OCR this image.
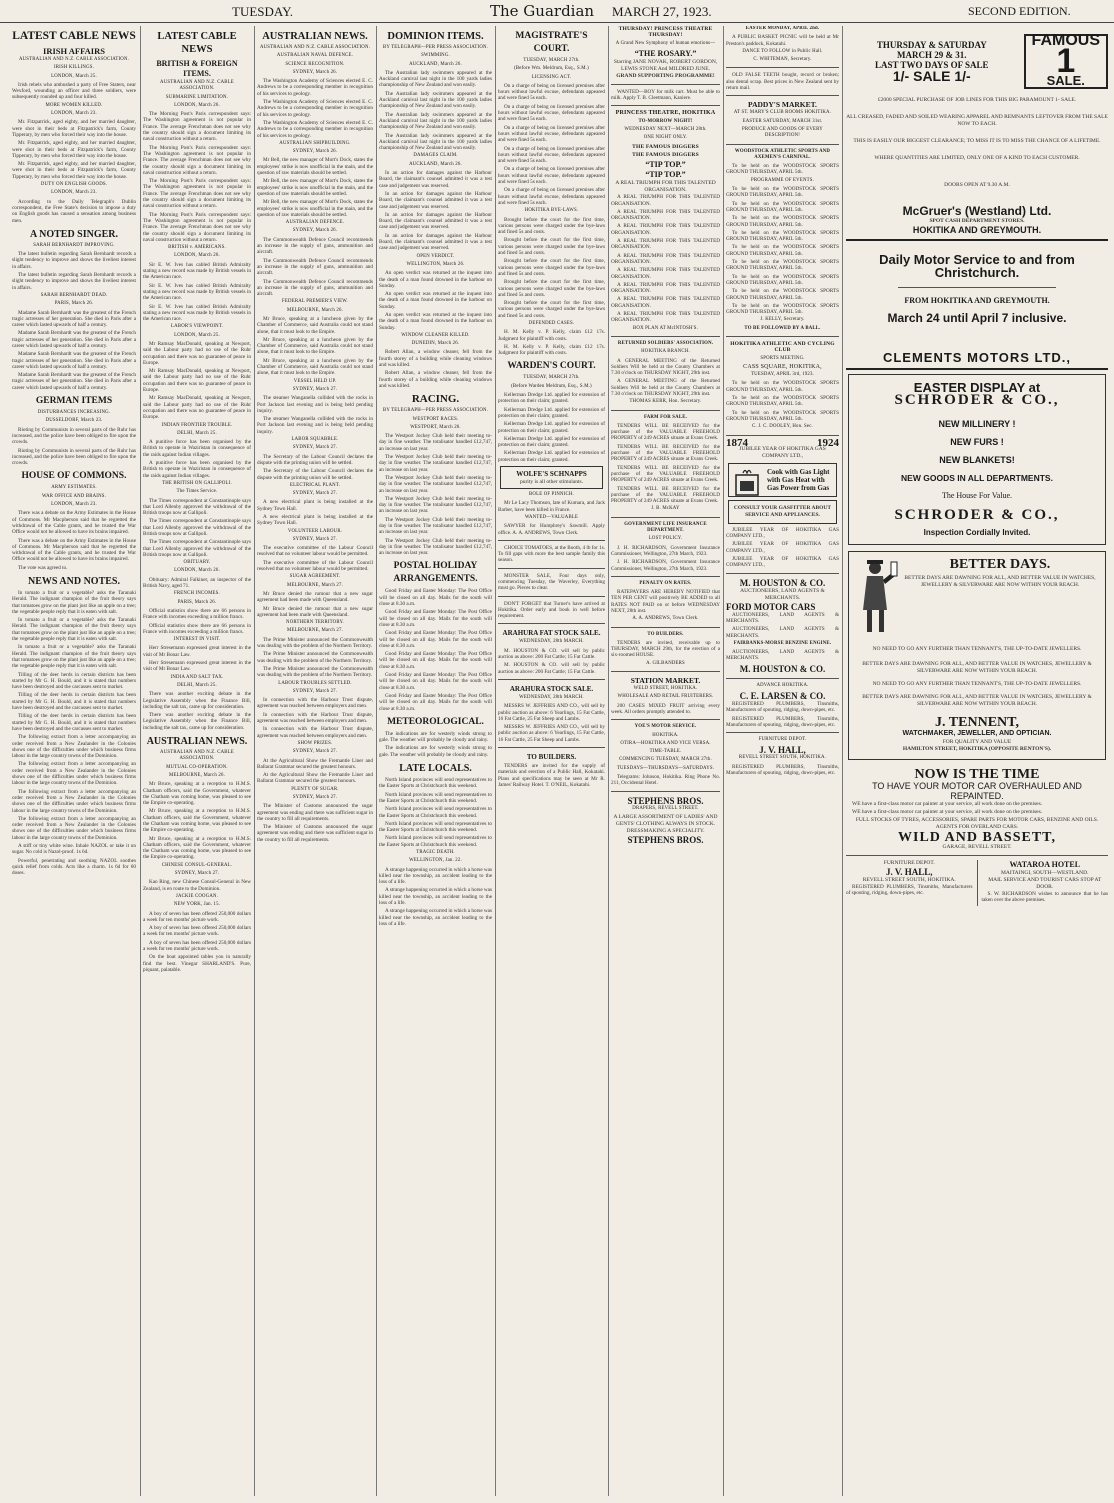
TUESDAY.	The Guardian MARCH 27, 1923.	SECOND EDITION.
LATEST CABLE NEWS
IRISH AFFAIRS
AUSTRALIAN AND N.Z. CABLE ASSOCIATION.
IRISH KILLINGS.
LONDON, March 25.

Irish rebels who ambushed a party of Free Staters, near Wexford, wounding an officer and three soldiers, were subsequently rounded up and four killed.

MORE WOMEN KILLED.
LONDON, March 23.

Mr. Fitzpatrick, aged eighty, and her married daughter, were shot in their beds at Fitzpatrick's farm, County Tipperary, by men who forced their way into the house.

Mr. Fitzpatrick, aged eighty, and her married daughter, were shot in their beds at Fitzpatrick's farm, County Tipperary, by men who forced their way into the house.

Mr. Fitzpatrick, aged eighty, and her married daughter, were shot in their beds at Fitzpatrick's farm, County Tipperary, by men who forced their way into the house.

DUTY ON ENGLISH GOODS.
LONDON, March 23.

According to the Daily Telegraph's Dublin correspondent, the Free State's decision to impose a duty on English goods has caused a sensation among business men.

A NOTED SINGER.
SARAH BERNHARDT IMPROVING.

The latest bulletin regarding Sarah Bernhardt records a slight tendency to improve and shows the liveliest interest in affairs.

The latest bulletin regarding Sarah Bernhardt records a slight tendency to improve and shows the liveliest interest in affairs.

SARAH BERNHARDT DEAD.
PARIS, March 26.

Madame Sarah Bernhardt was the greatest of the French tragic actresses of her generation. She died in Paris after a career which lasted upwards of half a century.

Madame Sarah Bernhardt was the greatest of the French tragic actresses of her generation. She died in Paris after a career which lasted upwards of half a century.

Madame Sarah Bernhardt was the greatest of the French tragic actresses of her generation. She died in Paris after a career which lasted upwards of half a century.

Madame Sarah Bernhardt was the greatest of the French tragic actresses of her generation. She died in Paris after a career which lasted upwards of half a century.

GERMAN ITEMS
DISTURBANCES INCREASING.
DUSSELDORF, March 23.

Rioting by Communists in several parts of the Ruhr has increased, and the police have been obliged to fire upon the crowds.

Rioting by Communists in several parts of the Ruhr has increased, and the police have been obliged to fire upon the crowds.

HOUSE OF COMMONS.
ARMY ESTIMATES.
WAR OFFICE AND BRAINS.
LONDON, March 23.

There was a debate on the Army Estimates in the House of Commons. Mr Macpherson said that he regretted the withdrawal of the Cable grants, and he trusted the War Office would not be allowed to have its brains impaired.

There was a debate on the Army Estimates in the House of Commons. Mr Macpherson said that he regretted the withdrawal of the Cable grants, and he trusted the War Office would not be allowed to have its brains impaired.

The vote was agreed to.

NEWS AND NOTES.

In tomato a fruit or a vegetable? asks the Taranaki Herald. The indignant champion of the fruit theory says that tomatoes grow on the plant just like an apple on a tree; the vegetable people reply that it is eaten with salt.

In tomato a fruit or a vegetable? asks the Taranaki Herald. The indignant champion of the fruit theory says that tomatoes grow on the plant just like an apple on a tree; the vegetable people reply that it is eaten with salt.

In tomato a fruit or a vegetable? asks the Taranaki Herald. The indignant champion of the fruit theory says that tomatoes grow on the plant just like an apple on a tree; the vegetable people reply that it is eaten with salt.

Tilling of the deer herds in certain districts has been started by Mr G. H. Bould, and it is stated that numbers have been destroyed and the carcasses sent to market.

Tilling of the deer herds in certain districts has been started by Mr G. H. Bould, and it is stated that numbers have been destroyed and the carcasses sent to market.

Tilling of the deer herds in certain districts has been started by Mr G. H. Bould, and it is stated that numbers have been destroyed and the carcasses sent to market.

The following extract from a letter accompanying an order received from a New Zealander in the Colonies shows one of the difficulties under which business firms labour in the large country towns of the Dominion.

The following extract from a letter accompanying an order received from a New Zealander in the Colonies shows one of the difficulties under which business firms labour in the large country towns of the Dominion.

The following extract from a letter accompanying an order received from a New Zealander in the Colonies shows one of the difficulties under which business firms labour in the large country towns of the Dominion.

The following extract from a letter accompanying an order received from a New Zealander in the Colonies shows one of the difficulties under which business firms labour in the large country towns of the Dominion.

A stiff or tiny white wine. Inhale NAZOL or take it on sugar. No cold is Nazol-proof. 1s 6d.

Powerful, penetrating and soothing NAZOL soothes quick relief from colds. Acts like a charm. 1s 6d for 60 doses.

LATEST CABLE NEWS
BRITISH & FOREIGN ITEMS.
AUSTRALIAN AND N.Z. CABLE ASSOCIATION.
SUBMARINE LIMITATION.
LONDON, March 26.

The Morning Post's Paris correspondent says: The Washington agreement is not popular in France. The average Frenchman does not see why the country should sign a document limiting its naval construction without a return.

The Morning Post's Paris correspondent says: The Washington agreement is not popular in France. The average Frenchman does not see why the country should sign a document limiting its naval construction without a return.

The Morning Post's Paris correspondent says: The Washington agreement is not popular in France. The average Frenchman does not see why the country should sign a document limiting its naval construction without a return.

The Morning Post's Paris correspondent says: The Washington agreement is not popular in France. The average Frenchman does not see why the country should sign a document limiting its naval construction without a return.

BRITISH v. AMERICANS.
LONDON, March 26.

Sir E. W. Ives has cabled British Admiralty stating a new record was made by British vessels in the American race.

Sir E. W. Ives has cabled British Admiralty stating a new record was made by British vessels in the American race.

Sir E. W. Ives has cabled British Admiralty stating a new record was made by British vessels in the American race.

LABOR'S VIEWPOINT.
LONDON, March 25.

Mr Ramsay MacDonald, speaking at Newport, said the Labour party had no use of the Ruhr occupation and there was no guarantee of peace in Europe.

Mr Ramsay MacDonald, speaking at Newport, said the Labour party had no use of the Ruhr occupation and there was no guarantee of peace in Europe.

Mr Ramsay MacDonald, speaking at Newport, said the Labour party had no use of the Ruhr occupation and there was no guarantee of peace in Europe.

INDIAN FRONTIER TROUBLE.
DELHI, March 25.

A punitive force has been organised by the British to operate in Waziristan in consequence of the raids against Indian villages.

A punitive force has been organised by the British to operate in Waziristan in consequence of the raids against Indian villages.

THE BRITISH ON GALLIPOLI.
The Times Service.

The Times correspondent at Constantinople says that Lord Allenby approved the withdrawal of the British troops now at Gallipoli.

The Times correspondent at Constantinople says that Lord Allenby approved the withdrawal of the British troops now at Gallipoli.

The Times correspondent at Constantinople says that Lord Allenby approved the withdrawal of the British troops now at Gallipoli.

OBITUARY.
LONDON, March 26.

Obituary: Admiral Falkiner, an inspector of the British Navy, aged 71.

FRENCH INCOMES.
PARIS, March 26.

Official statistics show there are 66 persons in France with incomes exceeding a million francs.

Official statistics show there are 66 persons in France with incomes exceeding a million francs.

INTEREST IN VISIT.

Herr Stresemann expressed great interest in the visit of Mr Bonar Law.

Herr Stresemann expressed great interest in the visit of Mr Bonar Law.

INDIA AND SALT TAX.
DELHI, March 25.

There was another exciting debate in the Legislative Assembly when the Finance Bill, including the salt tax, came up for consideration.

There was another exciting debate in the Legislative Assembly when the Finance Bill, including the salt tax, came up for consideration.

AUSTRALIAN NEWS.
AUSTRALIAN AND N.Z. CABLE ASSOCIATION.
MUTUAL CO-OPERATION.
MELBOURNE, March 26.

Mr Bruce, speaking at a reception to H.M.S. Chatham officers, said the Government, whatever the Chatham was coming home, was pleased to see the Empire co-operating.

Mr Bruce, speaking at a reception to H.M.S. Chatham officers, said the Government, whatever the Chatham was coming home, was pleased to see the Empire co-operating.

Mr Bruce, speaking at a reception to H.M.S. Chatham officers, said the Government, whatever the Chatham was coming home, was pleased to see the Empire co-operating.

CHINESE CONSUL-GENERAL.
SYDNEY, March 27.

Kao Ring, new Chinese Consul-General in New Zealand, is en route to the Dominion.

JACKIE COOGAN.
NEW YORK, Jan. 15.

A boy of seven has been offered 250,000 dollars a week for ten months' picture work.

A boy of seven has been offered 250,000 dollars a week for ten months' picture work.

A boy of seven has been offered 250,000 dollars a week for ten months' picture work.

On the boat appointed tables you in naturally find the best. Vinegar SHARLAND'S. Pure, piquant, palatable.

AUSTRALIAN NEWS.
AUSTRALIAN AND N.Z. CABLE ASSOCIATION.
AUSTRALIAN NAVAL DEFENCE.
SCIENCE RECOGNITION.
SYDNEY, March 26.

The Washington Academy of Sciences elected E. C. Andrews to be a corresponding member in recognition of his services to geology.

The Washington Academy of Sciences elected E. C. Andrews to be a corresponding member in recognition of his services to geology.

The Washington Academy of Sciences elected E. C. Andrews to be a corresponding member in recognition of his services to geology.

AUSTRALIAN SHIPBUILDING.
SYDNEY, March 26.

Mr Bell, the new manager of Mort's Dock, states the employees' strike is now unofficial in the main, and the question of raw materials should be settled.

Mr Bell, the new manager of Mort's Dock, states the employees' strike is now unofficial in the main, and the question of raw materials should be settled.

Mr Bell, the new manager of Mort's Dock, states the employees' strike is now unofficial in the main, and the question of raw materials should be settled.

AUSTRALIAN DEFENCE.
SYDNEY, March 26.

The Commonwealth Defence Council recommends an increase in the supply of guns, ammunition and aircraft.

The Commonwealth Defence Council recommends an increase in the supply of guns, ammunition and aircraft.

The Commonwealth Defence Council recommends an increase in the supply of guns, ammunition and aircraft.

FEDERAL PREMIER'S VIEW.
MELBOURNE, March 26.

Mr Bruce, speaking at a luncheon given by the Chamber of Commerce, said Australia could not stand alone, that it must look to the Empire.

Mr Bruce, speaking at a luncheon given by the Chamber of Commerce, said Australia could not stand alone, that it must look to the Empire.

Mr Bruce, speaking at a luncheon given by the Chamber of Commerce, said Australia could not stand alone, that it must look to the Empire.

VESSEL HELD UP.
SYDNEY, March 27.

The steamer Wanganella collided with the rocks in Port Jackson last evening and is being held pending inquiry.

The steamer Wanganella collided with the rocks in Port Jackson last evening and is being held pending inquiry.

LABOR SQUABBLE.
SYDNEY, March 27.

The Secretary of the Labour Council declares the dispute with the printing union will be settled.

The Secretary of the Labour Council declares the dispute with the printing union will be settled.

ELECTRICAL PLANT.
SYDNEY, March 27.

A new electrical plant is being installed at the Sydney Town Hall.

A new electrical plant is being installed at the Sydney Town Hall.

VOLUNTEER LABOUR.
SYDNEY, March 27.

The executive committee of the Labour Council resolved that no volunteer labour would be permitted.

The executive committee of the Labour Council resolved that no volunteer labour would be permitted.

SUGAR AGREEMENT.
MELBOURNE, March 27.

Mr Bruce denied the rumour that a new sugar agreement had been made with Queensland.

Mr Bruce denied the rumour that a new sugar agreement had been made with Queensland.

NORTHERN TERRITORY.
MELBOURNE, March 27.

The Prime Minister announced the Commonwealth was dealing with the problem of the Northern Territory.

The Prime Minister announced the Commonwealth was dealing with the problem of the Northern Territory.

The Prime Minister announced the Commonwealth was dealing with the problem of the Northern Territory.

LABOUR TROUBLES SETTLED.
SYDNEY, March 27.

In connection with the Harbour Trust dispute, agreement was reached between employers and men.

In connection with the Harbour Trust dispute, agreement was reached between employers and men.

In connection with the Harbour Trust dispute, agreement was reached between employers and men.

SHOW PRIZES.
SYDNEY, March 27.

At the Agricultural Show the Fremantle Liner and Ballarat Grammar secured the greatest honours.

At the Agricultural Show the Fremantle Liner and Ballarat Grammar secured the greatest honours.

PLENTY OF SUGAR.
SYDNEY, March 27.

The Minister of Customs announced the sugar agreement was ending and there was sufficient sugar in the country to fill all requirements.

The Minister of Customs announced the sugar agreement was ending and there was sufficient sugar in the country to fill all requirements.

DOMINION ITEMS.
BY TELEGRAPH—PER PRESS ASSOCIATION.
SWIMMING.
AUCKLAND, March 26.

The Australian lady swimmers appeared at the Auckland carnival last night in the 100 yards ladies championship of New Zealand and won easily.

The Australian lady swimmers appeared at the Auckland carnival last night in the 100 yards ladies championship of New Zealand and won easily.

The Australian lady swimmers appeared at the Auckland carnival last night in the 100 yards ladies championship of New Zealand and won easily.

The Australian lady swimmers appeared at the Auckland carnival last night in the 100 yards ladies championship of New Zealand and won easily.

DAMAGES CLAIM.
AUCKLAND, March 26.

In an action for damages against the Harbour Board, the claimant's counsel admitted it was a test case and judgement was reserved.

In an action for damages against the Harbour Board, the claimant's counsel admitted it was a test case and judgement was reserved.

In an action for damages against the Harbour Board, the claimant's counsel admitted it was a test case and judgement was reserved.

In an action for damages against the Harbour Board, the claimant's counsel admitted it was a test case and judgement was reserved.

OPEN VERDICT.
WELLINGTON, March 26.

An open verdict was returned at the inquest into the death of a man found drowned in the harbour on Sunday.

An open verdict was returned at the inquest into the death of a man found drowned in the harbour on Sunday.

An open verdict was returned at the inquest into the death of a man found drowned in the harbour on Sunday.

WINDOW CLEANER KILLED.
DUNEDIN, March 26.

Robert Allan, a window cleaner, fell from the fourth storey of a building while cleaning windows and was killed.

Robert Allan, a window cleaner, fell from the fourth storey of a building while cleaning windows and was killed.

RACING.
BY TELEGRAPH—PER PRESS ASSOCIATION.
WESTPORT RACES.
WESTPORT, March 26.

The Westport Jockey Club held their meeting to-day in fine weather. The totalisator handled £12,747, an increase on last year.

The Westport Jockey Club held their meeting to-day in fine weather. The totalisator handled £12,747, an increase on last year.

The Westport Jockey Club held their meeting to-day in fine weather. The totalisator handled £12,747, an increase on last year.

The Westport Jockey Club held their meeting to-day in fine weather. The totalisator handled £12,747, an increase on last year.

The Westport Jockey Club held their meeting to-day in fine weather. The totalisator handled £12,747, an increase on last year.

The Westport Jockey Club held their meeting to-day in fine weather. The totalisator handled £12,747, an increase on last year.

POSTAL HOLIDAY ARRANGEMENTS.

Good Friday and Easter Monday: The Post Office will be closed on all day. Mails for the south will close at 8.30 a.m.

Good Friday and Easter Monday: The Post Office will be closed on all day. Mails for the south will close at 8.30 a.m.

Good Friday and Easter Monday: The Post Office will be closed on all day. Mails for the south will close at 8.30 a.m.

Good Friday and Easter Monday: The Post Office will be closed on all day. Mails for the south will close at 8.30 a.m.

Good Friday and Easter Monday: The Post Office will be closed on all day. Mails for the south will close at 8.30 a.m.

Good Friday and Easter Monday: The Post Office will be closed on all day. Mails for the south will close at 8.30 a.m.

METEOROLOGICAL.

The indications are for westerly winds strong to gale. The weather will probably be cloudy and rainy.

The indications are for westerly winds strong to gale. The weather will probably be cloudy and rainy.

LATE LOCALS.

North Island provinces will send representatives to the Easter Sports at Christchurch this weekend.

North Island provinces will send representatives to the Easter Sports at Christchurch this weekend.

North Island provinces will send representatives to the Easter Sports at Christchurch this weekend.

North Island provinces will send representatives to the Easter Sports at Christchurch this weekend.

North Island provinces will send representatives to the Easter Sports at Christchurch this weekend.

TRAGIC DEATH.
WELLINGTON, Jan. 22.

A strange happening occurred in which a horse was killed near the township, an accident leading to the loss of a life.

A strange happening occurred in which a horse was killed near the township, an accident leading to the loss of a life.

A strange happening occurred in which a horse was killed near the township, an accident leading to the loss of a life.

MAGISTRATE'S COURT.
TUESDAY, MARCH 27th.
(Before Wm. Meldrum, Esq., S.M.)
LICENSING ACT.

On a charge of being on licensed premises after hours without lawful excuse, defendants appeared and were fined 5s each.

On a charge of being on licensed premises after hours without lawful excuse, defendants appeared and were fined 5s each.

On a charge of being on licensed premises after hours without lawful excuse, defendants appeared and were fined 5s each.

On a charge of being on licensed premises after hours without lawful excuse, defendants appeared and were fined 5s each.

On a charge of being on licensed premises after hours without lawful excuse, defendants appeared and were fined 5s each.

On a charge of being on licensed premises after hours without lawful excuse, defendants appeared and were fined 5s each.

HOKITIKA BYE-LAWS.

Brought before the court for the first time, various persons were charged under the bye-laws and fined 5s and costs.

Brought before the court for the first time, various persons were charged under the bye-laws and fined 5s and costs.

Brought before the court for the first time, various persons were charged under the bye-laws and fined 5s and costs.

Brought before the court for the first time, various persons were charged under the bye-laws and fined 5s and costs.

Brought before the court for the first time, various persons were charged under the bye-laws and fined 5s and costs.

DEFENDED CASES.

H. M. Kelly v. P. Kelly, claim £12 17s. Judgment for plaintiff with costs.

H. M. Kelly v. P. Kelly, claim £12 17s. Judgment for plaintiff with costs.

WARDEN'S COURT.
TUESDAY, MARCH 27th.
(Before Warden Meldrum, Esq., S.M.)

Kellerman Dredge Ltd. applied for extension of protection on their claim; granted.

Kellerman Dredge Ltd. applied for extension of protection on their claim; granted.

Kellerman Dredge Ltd. applied for extension of protection on their claim; granted.

Kellerman Dredge Ltd. applied for extension of protection on their claim; granted.

Kellerman Dredge Ltd. applied for extension of protection on their claim; granted.

WOLFE'S SCHNAPPS
purity is all other stimulants.
BOLE OF PINNICH.

Mr Le Lacy Thomson, late of Kumara, and Jack Barber, have been killed in France.

WANTED—VALUABLE

SAWYER for Humphrey's Sawmill. Apply office. A. A. ANDREWS, Town Clerk.

CHOICE TOMATOES, at the Booth, 4 lb for 1s. To fill gaps with more the best sample family this season.

MONSTER SALE, Four days only, commencing Tuesday, the Waverley, Everything must go. Pieces to clear.

DON'T FORGET that Turner's have arrived at Hokitika. Order early and book in well before requirement.

ARAHURA FAT STOCK SALE.
WEDNESDAY, 28th MARCH.

M. HOUSTON & CO. will sell by public auction as above: 200 Fat Cattle; 15 Fat Cattle.

M. HOUSTON & CO. will sell by public auction as above: 200 Fat Cattle; 15 Fat Cattle.

ARAHURA STOCK SALE.
WEDNESDAY, 28th MARCH.

MESSRS W. JEFFRIES AND CO., will sell by public auction as above: 6 Yearlings, 15 Fat Cattle, 16 Fat Cattle, 25 Fat Sheep and Lambs.

MESSRS W. JEFFRIES AND CO., will sell by public auction as above: 6 Yearlings, 15 Fat Cattle, 16 Fat Cattle, 25 Fat Sheep and Lambs.

TO BUILDERS.

TENDERS are invited for the supply of materials and erection of a Public Hall, Kokatahi. Plans and specifications may be seen at Mr R. James' Railway Hotel. T. O'NEIL, Kokatahi.

THURSDAY! PRINCESS THEATRE THURSDAY!
A Grand New Symphony of human emotions—
“THE ROSARY.”
Starring JANE NOVAK, ROBERT GORDON, LEWIS STONE And MILDRED JUNE.
GRAND SUPPORTING PROGRAMME!

WANTED—BOY for milk cart. Must be able to milk. Apply T. B. Cleetmann, Kaniere.

PRINCESS THEATRE, HOKITIKA
TO-MORROW NIGHT!
WEDNESDAY NEXT—MARCH 28th.
ONE NIGHT ONLY.
THE FAMOUS DIGGERS
THE FAMOUS DIGGERS
“TIP TOP.”
“TIP TOP.”
A REAL TRIUMPH FOR THIS TALENTED ORGANISATION.

A REAL TRIUMPH FOR THIS TALENTED ORGANISATION.

A REAL TRIUMPH FOR THIS TALENTED ORGANISATION.

A REAL TRIUMPH FOR THIS TALENTED ORGANISATION.

A REAL TRIUMPH FOR THIS TALENTED ORGANISATION.

A REAL TRIUMPH FOR THIS TALENTED ORGANISATION.

A REAL TRIUMPH FOR THIS TALENTED ORGANISATION.

A REAL TRIUMPH FOR THIS TALENTED ORGANISATION.

A REAL TRIUMPH FOR THIS TALENTED ORGANISATION.

A REAL TRIUMPH FOR THIS TALENTED ORGANISATION.

BOX PLAN AT McINTOSH'S.
RETURNED SOLDIERS' ASSOCIATION.
HOKITIKA BRANCH.

A GENERAL MEETING of the Returned Soldiers Will be held at the County Chambers at 7.30 o'clock on THURSDAY NIGHT, 29th inst.

A GENERAL MEETING of the Returned Soldiers Will be held at the County Chambers at 7.30 o'clock on THURSDAY NIGHT, 29th inst.

THOMAS KERR, Hon. Secretary.
FARM FOR SALE.

TENDERS WILL BE RECEIVED for the purchase of the VALUABLE FREEHOLD PROPERTY of 249 ACRES situate at Evans Creek.

TENDERS WILL BE RECEIVED for the purchase of the VALUABLE FREEHOLD PROPERTY of 249 ACRES situate at Evans Creek.

TENDERS WILL BE RECEIVED for the purchase of the VALUABLE FREEHOLD PROPERTY of 249 ACRES situate at Evans Creek.

TENDERS WILL BE RECEIVED for the purchase of the VALUABLE FREEHOLD PROPERTY of 249 ACRES situate at Evans Creek.

J. B. McKAY
GOVERNMENT LIFE INSURANCE DEPARTMENT.
LOST POLICY.

J. H. RICHARDSON, Government Insurance Commissioner, Wellington, 27th March, 1923.

J. H. RICHARDSON, Government Insurance Commissioner, Wellington, 27th March, 1923.

PENALTY ON RATES.

RATEPAYERS ARE HEREBY NOTIFIED that TEN PER CENT will positively BE ADDED to all RATES NOT PAID on or before WEDNESDAY NEXT, 28th inst.

A. A. ANDREWS, Town Clerk.
TO BUILDERS.

TENDERS are invited, receivable up to THURSDAY, MARCH 29th, for the erection of a six-roomed HOUSE.

A. GILBANDERS
STATION MARKET.
WELD STREET, HOKITIKA.
WHOLESALE AND RETAIL FRUITERERS.

200 CASES MIXED FRUIT arriving every week. All orders promptly attended to.

YOE'S MOTOR SERVICE.
HOKITIKA.
OTIRA—HOKITIKA AND VICE VERSA.
TIME-TABLE.
COMMENCING TUESDAY, MARCH 27th.
TUESDAYS—THURSDAYS—SATURDAYS.

Telegrams: Johnson, Hokitika. Ring Phone No. 211, Occidental Hotel.

STEPHENS BROS.
DRAPERS, REVELL STREET.
A LARGE ASSORTMENT OF LADIES' AND GENTS' CLOTHING ALWAYS IN STOCK.
DRESSMAKING A SPECIALITY.
STEPHENS BROS.
EASTER MONDAY, APRIL 2nd.

A PUBLIC BASKET PICNIC will be held at Mr Preston's paddock, Kokatahi.

DANCE TO FOLLOW in Public Hall.
C. WHITEMAN, Secretary.

OLD FALSE TEETH bought, record or broken; also dental scrap. Best prices in New Zealand sent by return mail.

PADDY'S MARKET.
AT ST. MARY'S CLUB ROOMS HOKITIKA.
EASTER SATURDAY, MARCH 31st.
PRODUCE AND GOODS OF EVERY DESCRIPTION!
WOODSTOCK ATHLETIC SPORTS AND AXEMEN'S CARNIVAL.

To be held on the WOODSTOCK SPORTS GROUND THURSDAY, APRIL 5th.

PROGRAMME OF EVENTS.

To be held on the WOODSTOCK SPORTS GROUND THURSDAY, APRIL 5th.

To be held on the WOODSTOCK SPORTS GROUND THURSDAY, APRIL 5th.

To be held on the WOODSTOCK SPORTS GROUND THURSDAY, APRIL 5th.

To be held on the WOODSTOCK SPORTS GROUND THURSDAY, APRIL 5th.

To be held on the WOODSTOCK SPORTS GROUND THURSDAY, APRIL 5th.

To be held on the WOODSTOCK SPORTS GROUND THURSDAY, APRIL 5th.

To be held on the WOODSTOCK SPORTS GROUND THURSDAY, APRIL 5th.

To be held on the WOODSTOCK SPORTS GROUND THURSDAY, APRIL 5th.

To be held on the WOODSTOCK SPORTS GROUND THURSDAY, APRIL 5th.

J. KELLY, Secretary.
TO BE FOLLOWED BY A BALL.
HOKITIKA ATHLETIC AND CYCLING CLUB
SPORTS MEETING.
CASS SQUARE, HOKITIKA,
TUESDAY, APRIL 3rd, 1923.

To be held on the WOODSTOCK SPORTS GROUND THURSDAY, APRIL 5th.

To be held on the WOODSTOCK SPORTS GROUND THURSDAY, APRIL 5th.

To be held on the WOODSTOCK SPORTS GROUND THURSDAY, APRIL 5th.

C. J. C. DOOLEY, Hon. Sec.
1874	1924
JUBILEE YEAR OF HOKITIKA GAS COMPANY LTD.,
Cook with Gas Light with Gas Heat with Gas Power from Gas
CONSULT YOUR GASFITTER ABOUT SERVICE AND APPLIANCES.

JUBILEE YEAR OF HOKITIKA GAS COMPANY LTD.,

JUBILEE YEAR OF HOKITIKA GAS COMPANY LTD.,

JUBILEE YEAR OF HOKITIKA GAS COMPANY LTD.,

M. HOUSTON & CO.
AUCTIONEERS, LAND AGENTS & MERCHANTS.
FORD MOTOR CARS

AUCTIONEERS, LAND AGENTS & MERCHANTS.

AUCTIONEERS, LAND AGENTS & MERCHANTS.

FAIRBANKS-MORSE BENZINE ENGINE.

AUCTIONEERS, LAND AGENTS & MERCHANTS.

M. HOUSTON & CO.
ADVANCE HOKITIKA.
C. E. LARSEN & CO.

REGISTERED PLUMBERS, Tinsmiths, Manufacturers of spouting, ridging, down-pipes, etc.

REGISTERED PLUMBERS, Tinsmiths, Manufacturers of spouting, ridging, down-pipes, etc.

FURNITURE DEPOT.
J. V. HALL,
REVELL STREET SOUTH, HOKITIKA.

REGISTERED PLUMBERS, Tinsmiths, Manufacturers of spouting, ridging, down-pipes, etc.

THURSDAY & SATURDAY
MARCH 29 & 31.
LAST TWO DAYS OF SALE
1/- SALE 1/-
FAMOUS
1
SALE.
£2000 SPECIAL PURCHASE OF JOB LINES FOR THIS BIG PARAMOUNT 1- SALE.
ALL CREASED, FADED AND SOILED WEARING APPAREL AND REMNANTS LEFTOVER FROM THE SALE NOW TO EACH.
THIS IS EASILY OUR BIGGEST CLEARANCE; TO MISS IT IS TO MISS THE CHANCE OF A LIFETIME.
WHERE QUANTITIES ARE LIMITED, ONLY ONE OF A KIND TO EACH CUSTOMER.
DOORS OPEN AT 9.30 A.M.
McGruer's (Westland) Ltd.
SPOT CASH DEPARTMENT STORES.
HOKITIKA AND GREYMOUTH.
Daily Motor Service to and from Christchurch.
FROM HOKITIKA AND GREYMOUTH.
March 24 until April 7 inclusive.
CLEMENTS MOTORS LTD.,
EASTER DISPLAY at
SCHRODER & CO.,
NEW MILLINERY !
NEW FURS !
NEW BLANKETS!
NEW GOODS IN ALL DEPARTMENTS.
The House For Value.
SCHRODER & CO.,
Inspection Cordially Invited.
BETTER DAYS.
BETTER DAYS ARE DAWNING FOR ALL, AND BETTER VALUE IN WATCHES, JEWELLERY & SILVERWARE ARE NOW WITHIN YOUR REACH.
NO NEED TO GO ANY FURTHER THAN TENNANT'S, THE UP-TO-DATE JEWELLERS.
BETTER DAYS ARE DAWNING FOR ALL, AND BETTER VALUE IN WATCHES, JEWELLERY & SILVERWARE ARE NOW WITHIN YOUR REACH.
NO NEED TO GO ANY FURTHER THAN TENNANT'S, THE UP-TO-DATE JEWELLERS.
BETTER DAYS ARE DAWNING FOR ALL, AND BETTER VALUE IN WATCHES, JEWELLERY & SILVERWARE ARE NOW WITHIN YOUR REACH.
J. TENNENT,
WATCHMAKER, JEWELLER, AND OPTICIAN.
FOR QUALITY AND VALUE
HAMILTON STREET, HOKITIKA (OPPOSITE RENTON'S).
NOW IS THE TIME
TO HAVE YOUR MOTOR CAR OVERHAULED AND REPAINTED.

WE have a first-class motor car painter at your service, all work done on the premises.

WE have a first-class motor car painter at your service, all work done on the premises.

FULL STOCKS OF TYRES, ACCESSORIES, SPARE PARTS FOR MOTOR CARS, BENZINE AND OILS.
AGENTS FOR OVERLAND CARS.
WILD AND BASSETT,
GARAGE, REVELL STREET.
FURNITURE DEPOT.
J. V. HALL,
REVELL STREET SOUTH, HOKITIKA.

REGISTERED PLUMBERS, Tinsmiths, Manufacturers of spouting, ridging, down-pipes, etc.

WATAROA HOTEL
MAITAINGI, SOUTH—WESTLAND.
MAIL SERVICE AND TOURIST CARS STOP AT DOOR.

S. W. RICHARDSON wishes to announce that he has taken over the above premises.
